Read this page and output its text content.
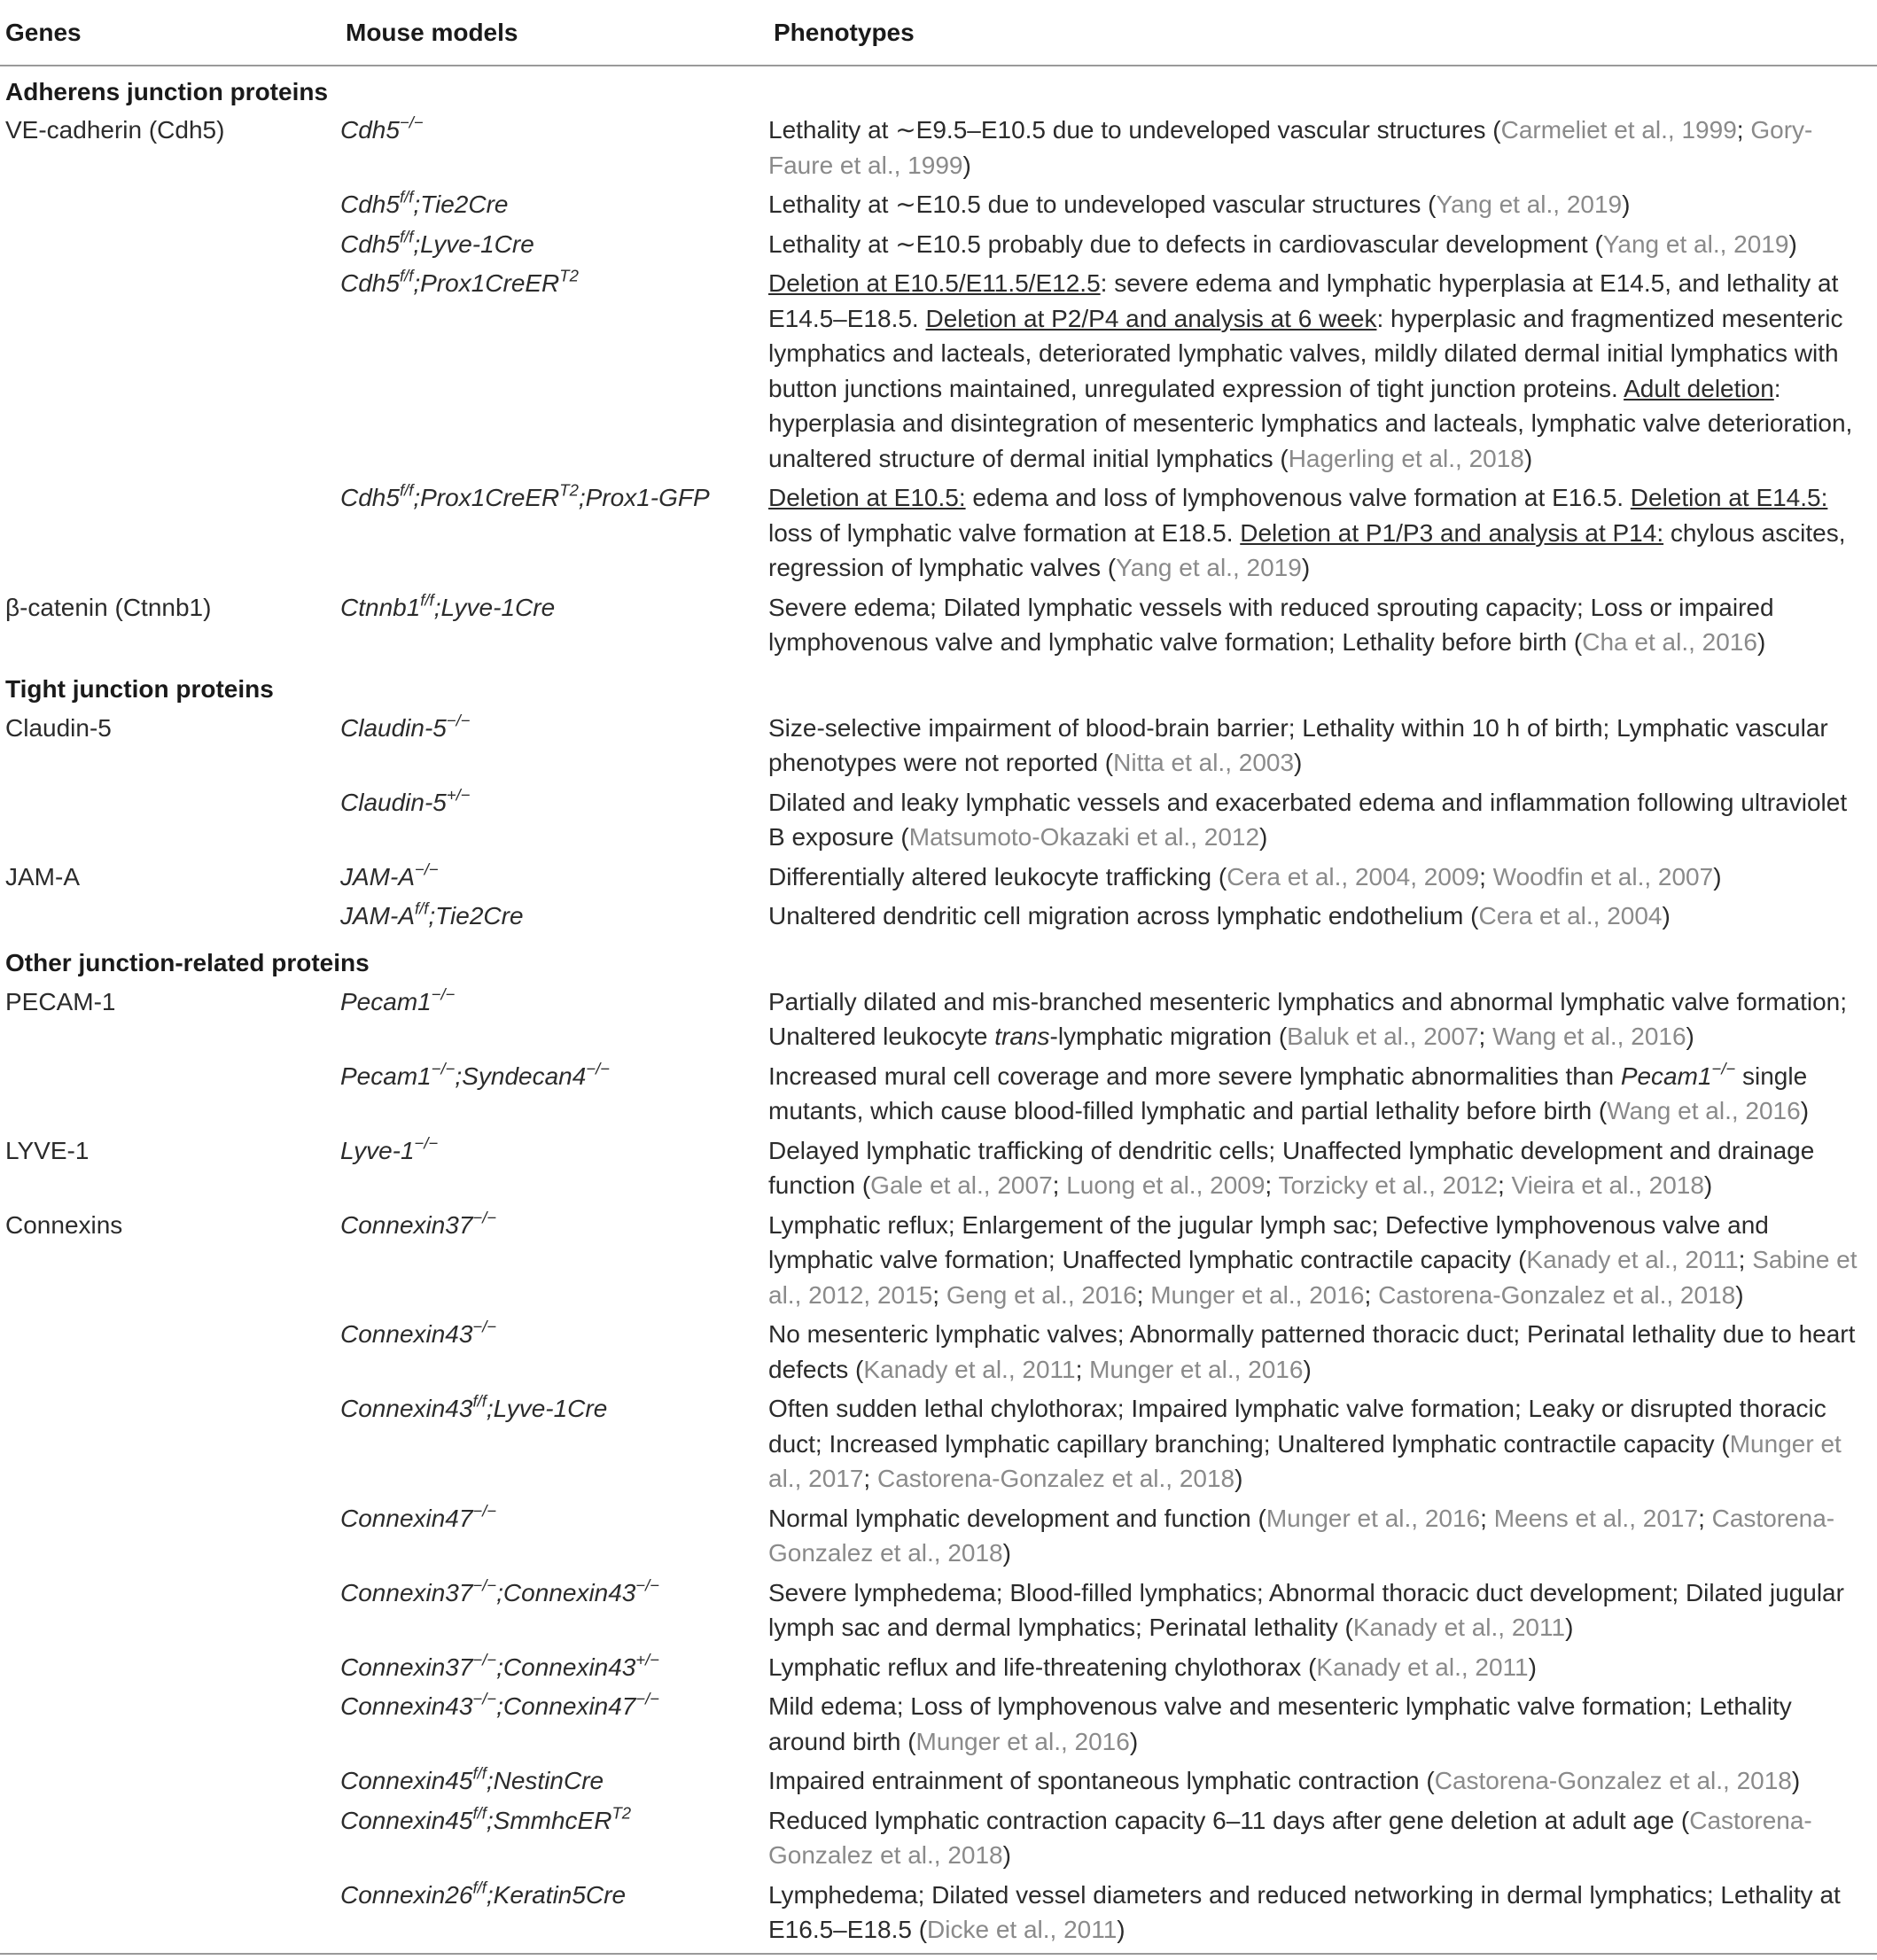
Genes	Mouse models	Phenotypes
Adherens junction proteins		
VE-cadherin (Cdh5)	Cdh5−/−	Lethality at ∼E9.5–E10.5 due to undeveloped vascular structures (Carmeliet et al., 1999; Gory-Faure et al., 1999)
	$Cdh5^{f/f};Tie2Cre$	Lethality at ∼E10.5 due to undeveloped vascular structures (Yang et al., 2019)
	$Cdh5^{f/f};Lyve-1Cre$	Lethality at ∼E10.5 probably due to defects in cardiovascular development (Yang et al., 2019)
	$Cdh5^{f/f};Prox1CreER^{T2}$	Deletion at E10.5/E11.5/E12.5: severe edema and lymphatic hyperplasia at E14.5, and lethality at E14.5–E18.5. Deletion at P2/P4 and analysis at 6 week: hyperplasic and fragmentized mesenteric lymphatics and lacteals, deteriorated lymphatic valves, mildly dilated dermal initial lymphatics with button junctions maintained, unregulated expression of tight junction proteins. Adult deletion: hyperplasia and disintegration of mesenteric lymphatics and lacteals, lymphatic valve deterioration, unaltered structure of dermal initial lymphatics (Hagerling et al., 2018)
	$Cdh5^{f/f};Prox1CreER^{T2};Prox1$-GFP	Deletion at E10.5: edema and loss of lymphovenous valve formation at E16.5. Deletion at E14.5: loss of lymphatic valve formation at E18.5. Deletion at P1/P3 and analysis at P14: chylous ascites, regression of lymphatic valves (Yang et al., 2019)
β-catenin (Ctnnb1)	$Ctnnb1^{f/f};Lyve-1Cre$	Severe edema; Dilated lymphatic vessels with reduced sprouting capacity; Loss or impaired lymphovenous valve and lymphatic valve formation; Lethality before birth (Cha et al., 2016)
Tight junction proteins		
Claudin-5	Claudin-5−/−	Size-selective impairment of blood-brain barrier; Lethality within 10 h of birth; Lymphatic vascular phenotypes were not reported (Nitta et al., 2003)
	Claudin-5+/−	Dilated and leaky lymphatic vessels and exacerbated edema and inflammation following ultraviolet B exposure (Matsumoto-Okazaki et al., 2012)
JAM-A	JAM-A−/−	Differentially altered leukocyte trafficking (Cera et al., 2004, 2009; Woodfin et al., 2007)
	JAM-$A^{f/f};Tie2Cre$	Unaltered dendritic cell migration across lymphatic endothelium (Cera et al., 2004)
Other junction-related proteins		
PECAM-1	Pecam1−/−	Partially dilated and mis-branched mesenteric lymphatics and abnormal lymphatic valve formation; Unaltered leukocyte trans-lymphatic migration (Baluk et al., 2007; Wang et al., 2016)
	Pecam1−/−;Syndecan4−/−	Increased mural cell coverage and more severe lymphatic abnormalities than Pecam1−/− single mutants, which cause blood-filled lymphatic and partial lethality before birth (Wang et al., 2016)
LYVE-1	Lyve-1−/−	Delayed lymphatic trafficking of dendritic cells; Unaffected lymphatic development and drainage function (Gale et al., 2007; Luong et al., 2009; Torzicky et al., 2012; Vieira et al., 2018)
Connexins	Connexin37−/−	Lymphatic reflux; Enlargement of the jugular lymph sac; Defective lymphovenous valve and lymphatic valve formation; Unaffected lymphatic contractile capacity (Kanady et al., 2011; Sabine et al., 2012, 2015; Geng et al., 2016; Munger et al., 2016; Castorena-Gonzalez et al., 2018)
	Connexin43−/−	No mesenteric lymphatic valves; Abnormally patterned thoracic duct; Perinatal lethality due to heart defects (Kanady et al., 2011; Munger et al., 2016)
	$Connexin43^{f/f};Lyve-1Cre$	Often sudden lethal chylothorax; Impaired lymphatic valve formation; Leaky or disrupted thoracic duct; Increased lymphatic capillary branching; Unaltered lymphatic contractile capacity (Munger et al., 2017; Castorena-Gonzalez et al., 2018)
	Connexin47−/−	Normal lymphatic development and function (Munger et al., 2016; Meens et al., 2017; Castorena-Gonzalez et al., 2018)
	Connexin37−/−;Connexin43−/−	Severe lymphedema; Blood-filled lymphatics; Abnormal thoracic duct development; Dilated jugular lymph sac and dermal lymphatics; Perinatal lethality (Kanady et al., 2011)
	Connexin37−/−;Connexin43+/−	Lymphatic reflux and life-threatening chylothorax (Kanady et al., 2011)
	Connexin43−/−;Connexin47−/−	Mild edema; Loss of lymphovenous valve and mesenteric lymphatic valve formation; Lethality around birth (Munger et al., 2016)
	$Connexin45^{f/f};NestinCre$	Impaired entrainment of spontaneous lymphatic contraction (Castorena-Gonzalez et al., 2018)
	$Connexin45^{f/f};SmmhcER^{T2}$	Reduced lymphatic contraction capacity 6–11 days after gene deletion at adult age (Castorena-Gonzalez et al., 2018)
	$Connexin26^{f/f};Keratin5Cre$	Lymphedema; Dilated vessel diameters and reduced networking in dermal lymphatics; Lethality at E16.5–E18.5 (Dicke et al., 2011)
